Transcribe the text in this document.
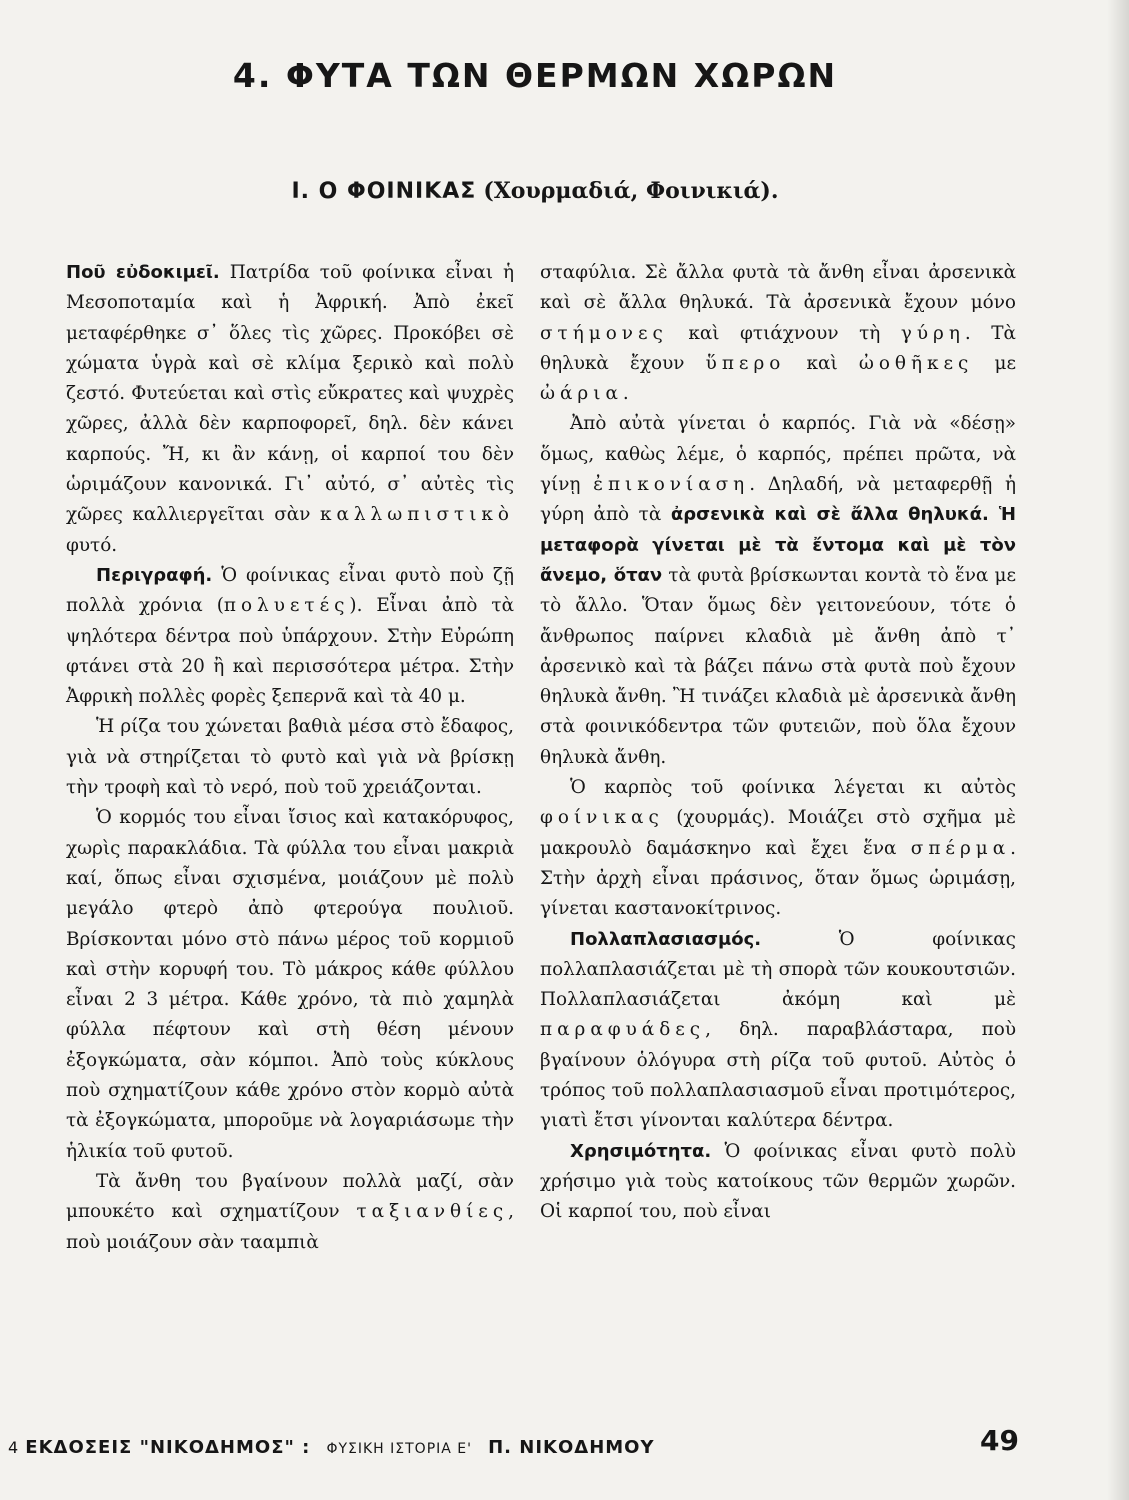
4. ΦΥΤΑ ΤΩΝ ΘΕΡΜΩΝ ΧΩΡΩΝ
Ι. Ο ΦΟΙΝΙΚΑΣ (Χουρμαδιά, Φοινικιά).

Ποῦ εὐδοκιμεῖ. Πατρίδα τοῦ φοίνικα εἶναι ἡ Μεσοποταμία καὶ ἡ Ἀφρική. Ἀπὸ ἐκεῖ μεταφέρθηκε σ᾽ ὅλες τὶς χῶρες. Προκόβει σὲ χώματα ὑγρὰ καὶ σὲ κλίμα ξερικὸ καὶ πολὺ ζεστό. Φυτεύεται καὶ στὶς εὔκρατες καὶ ψυχρὲς χῶρες, ἀλλὰ δὲν καρποφορεῖ, δηλ. δὲν κάνει καρπούς. Ἤ, κι ἂν κάνῃ, οἱ καρποί του δὲν ὡριμάζουν κανονικά. Γι᾽ αὐτό, σ᾽ αὐτὲς τὶς χῶρες καλλιεργεῖται σὰν καλλωπιστικὸ φυτό.

Περιγραφή. Ὁ φοίνικας εἶναι φυτὸ ποὺ ζῇ πολλὰ χρόνια (πολυετές). Εἶναι ἀπὸ τὰ ψηλότερα δέντρα ποὺ ὑπάρχουν. Στὴν Εὐρώπη φτάνει στὰ 20 ἢ καὶ περισσότερα μέτρα. Στὴν Ἀφρικὴ πολλὲς φορὲς ξεπερνᾶ καὶ τὰ 40 μ.

Ἡ ρίζα του χώνεται βαθιὰ μέσα στὸ ἔδαφος, γιὰ νὰ στηρίζεται τὸ φυτὸ καὶ γιὰ νὰ βρίσκῃ τὴν τροφὴ καὶ τὸ νερό, ποὺ τοῦ χρειάζονται.

Ὁ κορμός του εἶναι ἴσιος καὶ κατακόρυφος, χωρὶς παρακλάδια. Τὰ φύλλα του εἶναι μακριὰ καί, ὅπως εἶναι σχισμένα, μοιάζουν μὲ πολὺ μεγάλο φτερὸ ἀπὸ φτερούγα πουλιοῦ. Βρίσκονται μόνο στὸ πάνω μέρος τοῦ κορμιοῦ καὶ στὴν κορυφή του. Τὸ μάκρος κάθε φύλλου εἶναι 2 3 μέτρα. Κάθε χρόνο, τὰ πιὸ χαμηλὰ φύλλα πέφτουν καὶ στὴ θέση μένουν ἐξογκώματα, σὰν κόμποι. Ἀπὸ τοὺς κύκλους ποὺ σχηματίζουν κάθε χρόνο στὸν κορμὸ αὐτὰ τὰ ἐξογκώματα, μποροῦμε νὰ λογαριάσωμε τὴν ἡλικία τοῦ φυτοῦ.

Τὰ ἄνθη του βγαίνουν πολλὰ μαζί, σὰν μπουκέτο καὶ σχηματίζουν ταξιανθίες, ποὺ μοιάζουν σὰν τααμπιὰ

σταφύλια. Σὲ ἄλλα φυτὰ τὰ ἄνθη εἶναι ἀρσενικὰ καὶ σὲ ἄλλα θηλυκά. Τὰ ἀρσενικὰ ἔχουν μόνο στήμονες καὶ φτιάχνουν τὴ γύρη. Τὰ θηλυκὰ ἔχουν ὕπερο καὶ ὠοθῆκες με ὠάρια.

Ἀπὸ αὐτὰ γίνεται ὁ καρπός. Γιὰ νὰ «δέσῃ» ὅμως, καθὼς λέμε, ὁ καρπός, πρέπει πρῶτα, νὰ γίνῃ ἐπικονίαση. Δηλαδή, νὰ μεταφερθῇ ἡ γύρη ἀπὸ τὰ ἀρσενικὰ καὶ σὲ ἄλλα θηλυκά. Ἡ μεταφορὰ γίνεται μὲ τὰ ἔντομα καὶ μὲ τὸν ἄνεμο, ὅταν τὰ φυτὰ βρίσκωνται κοντὰ τὸ ἕνα με τὸ ἄλλο. Ὅταν ὅμως δὲν γειτονεύουν, τότε ὁ ἄνθρωπος παίρνει κλαδιὰ μὲ ἄνθη ἀπὸ τ᾽ ἀρσενικὸ καὶ τὰ βάζει πάνω στὰ φυτὰ ποὺ ἔχουν θηλυκὰ ἄνθη. Ἢ τινάζει κλαδιὰ μὲ ἀρσενικὰ ἄνθη στὰ φοινικόδεντρα τῶν φυτειῶν, ποὺ ὅλα ἔχουν θηλυκὰ ἄνθη.

Ὁ καρπὸς τοῦ φοίνικα λέγεται κι αὐτὸς φοίνικας (χουρμάς). Μοιάζει στὸ σχῆμα μὲ μακρουλὸ δαμάσκηνο καὶ ἔχει ἕνα σπέρμα. Στὴν ἀρχὴ εἶναι πράσινος, ὅταν ὅμως ὡριμάσῃ, γίνεται καστανοκίτρινος.

Πολλαπλασιασμός.	Ὁ φοίνικας πολλαπλασιάζεται μὲ τὴ σπορὰ τῶν κουκουτσιῶν. Πολλαπλασιάζεται ἀκόμη καὶ μὲ παραφυάδες, δηλ. παραβλάσταρα, ποὺ βγαίνουν ὁλόγυρα στὴ ρίζα τοῦ φυτοῦ. Αὐτὸς ὁ τρόπος τοῦ πολλαπλασιασμοῦ εἶναι προτιμότερος, γιατὶ ἔτσι γίνονται καλύτερα δέντρα.

Χρησιμότητα. Ὁ φοίνικας εἶναι φυτὸ πολὺ χρήσιμο γιὰ τοὺς κατοίκους τῶν θερμῶν χωρῶν. Οἱ καρποί του, ποὺ εἶναι

4 ΕΚΔΟΣΕΙΣ "ΝΙΚΟΔΗΜΟΣ" : ΦΥΣΙΚΗ ΙΣΤΟΡΙΑ Ε' Π. ΝΙΚΟΔΗΜΟΥ	49
